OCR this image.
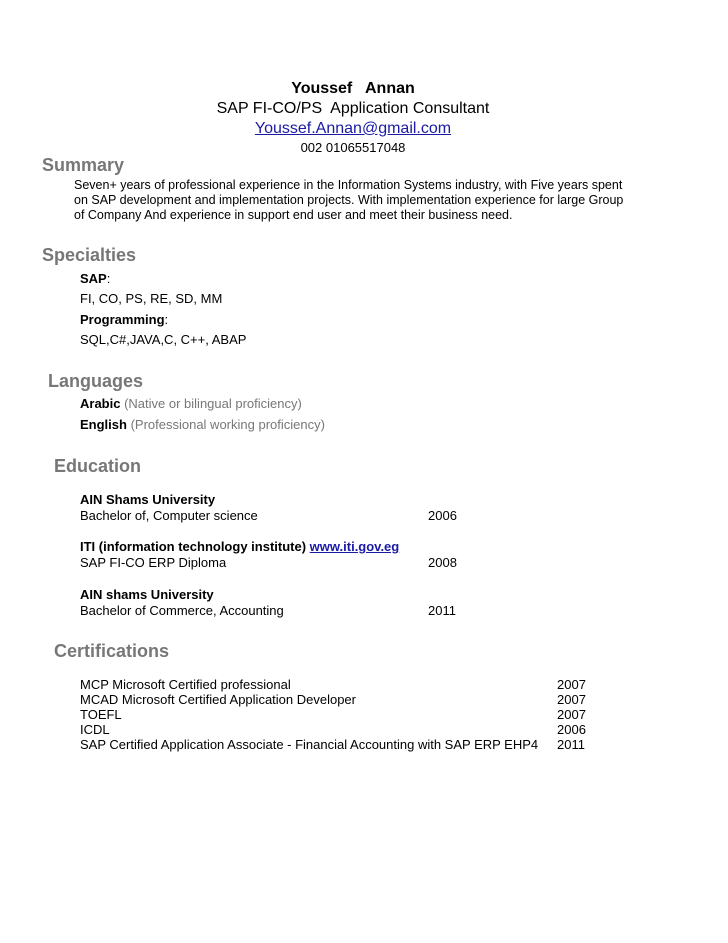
Youssef   Annan
SAP FI-CO/PS  Application Consultant
Youssef.Annan@gmail.com
002 01065517048
Summary
Seven+ years of professional experience in the Information Systems industry, with Five years spent
on SAP development and implementation projects. With implementation experience for large Group
of Company And experience in support end user and meet their business need.
Specialties
SAP:
FI, CO, PS, RE, SD, MM
Programming:
SQL,C#,JAVA,C, C++, ABAP
Languages
Arabic (Native or bilingual proficiency)
English (Professional working proficiency)
Education
AIN Shams University
Bachelor of, Computer science	2006
ITI (information technology institute) www.iti.gov.eg
SAP FI-CO ERP Diploma	2008
AIN shams University
Bachelor of Commerce, Accounting	2011
Certifications
MCP Microsoft Certified professional	2007
MCAD Microsoft Certified Application Developer	2007
TOEFL	2007
ICDL	2006
SAP Certified Application Associate - Financial Accounting with SAP ERP EHP4 2011
